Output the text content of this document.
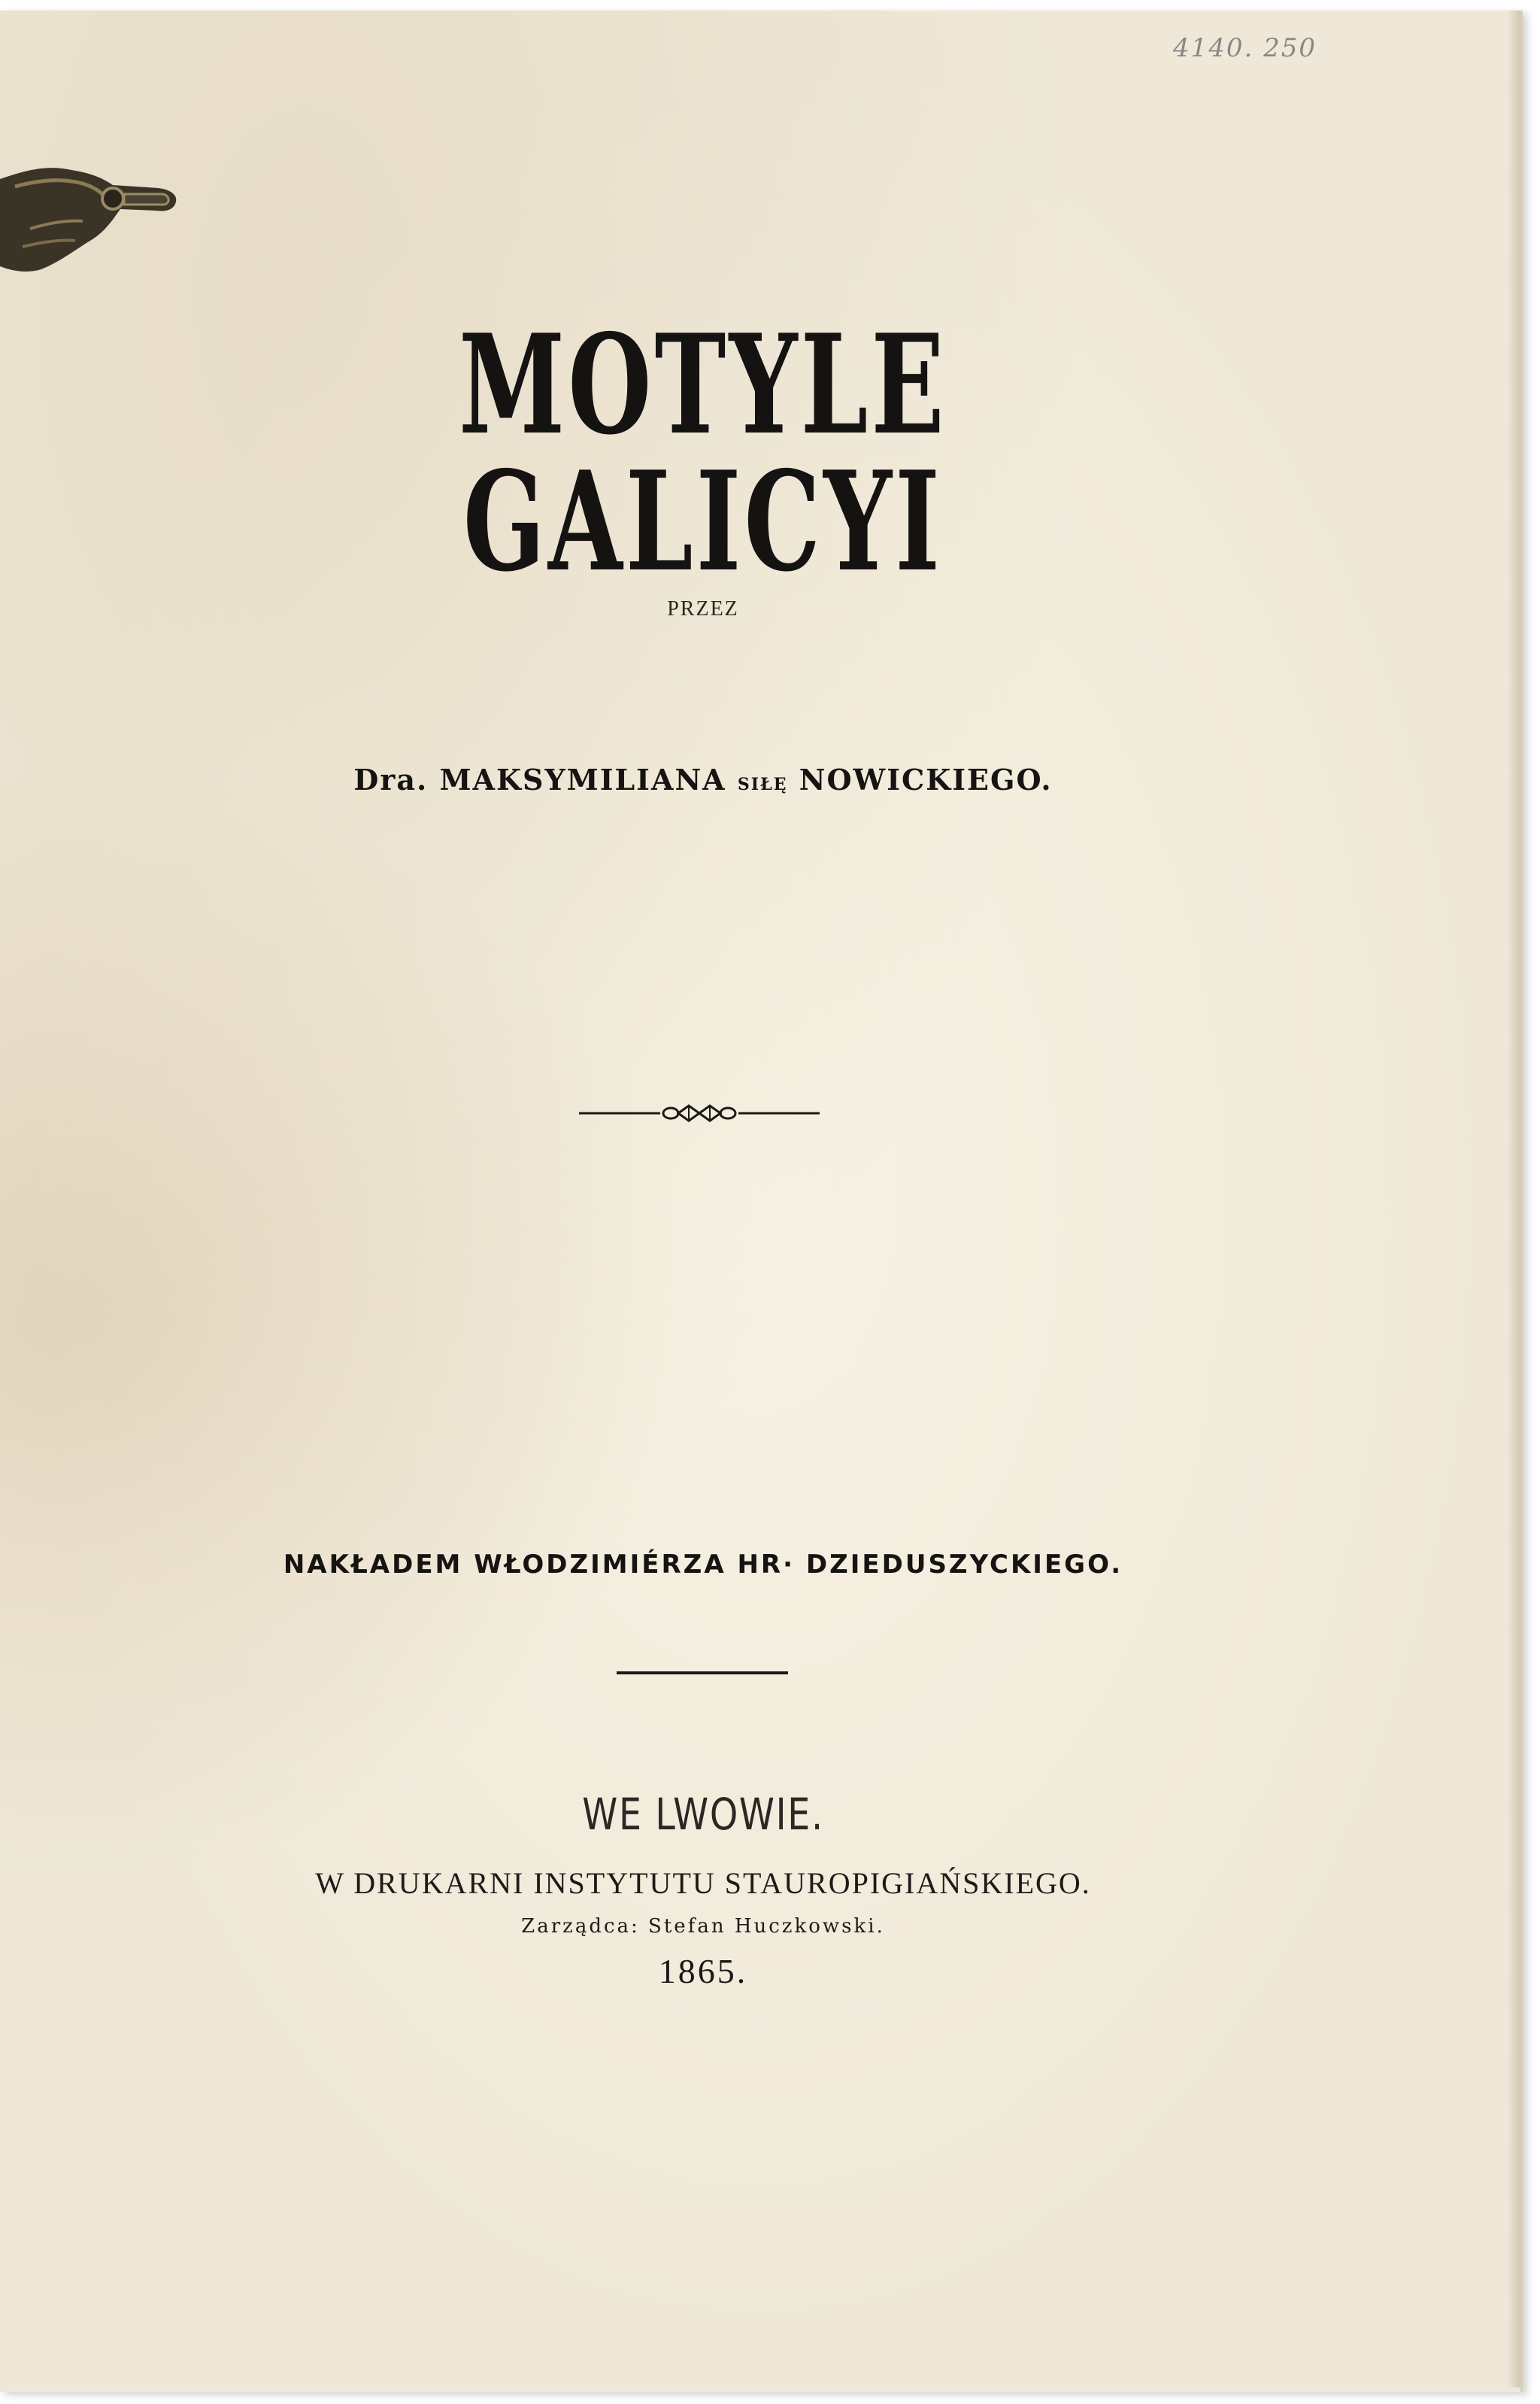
4140. 250
MOTYLE GALICYI
PRZEZ
Dra. MAKSYMILIANA SIŁĘ NOWICKIEGO.
NAKŁADEM WŁODZIMIÉRZA HR· DZIEDUSZYCKIEGO.
WE LWOWIE.
W DRUKARNI INSTYTUTU STAUROPIGIAŃSKIEGO.
Zarządca: Stefan Huczkowski.
1865.
